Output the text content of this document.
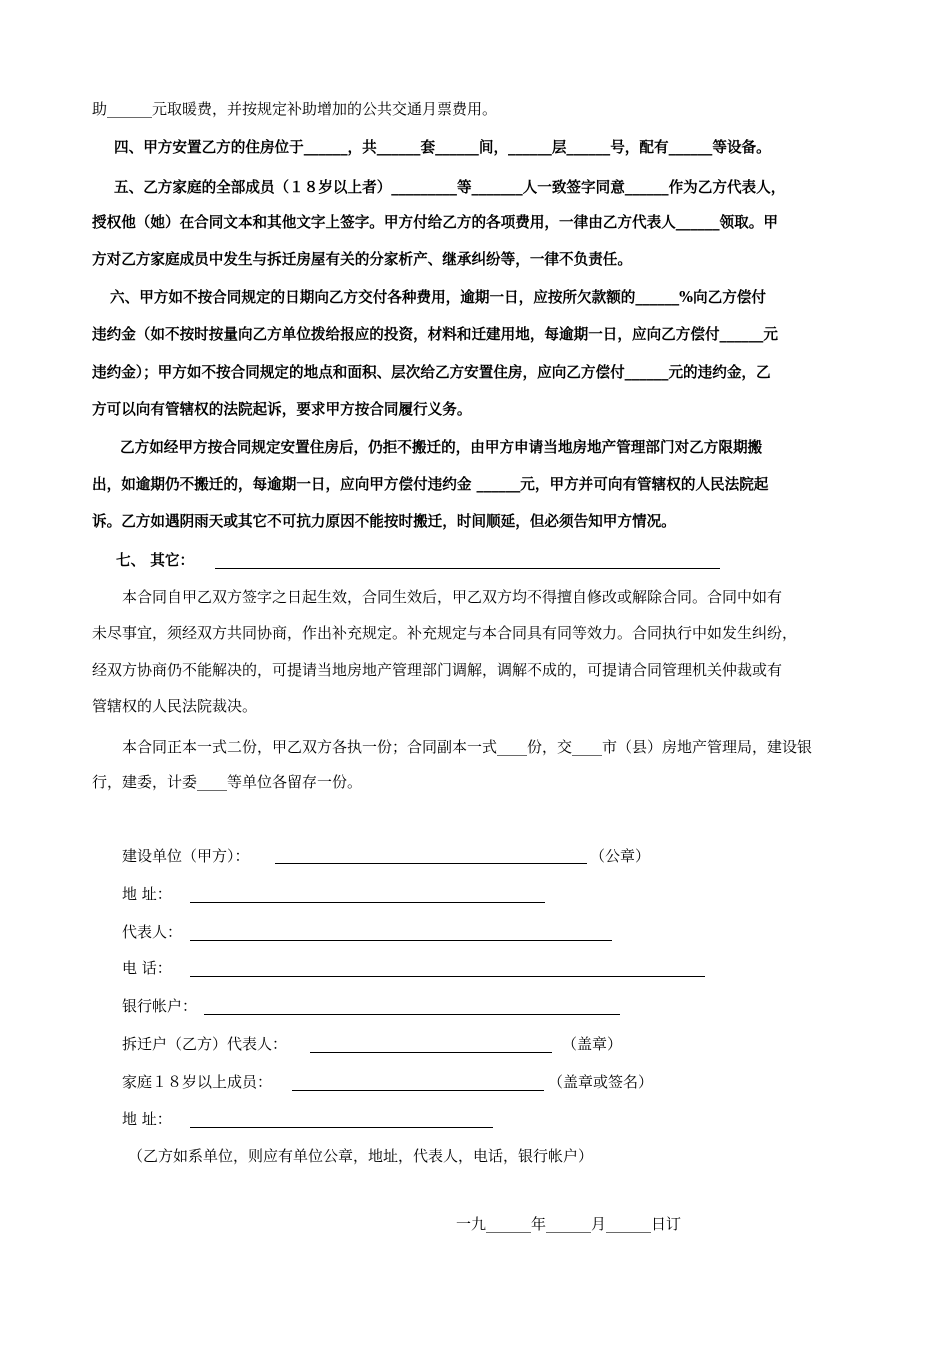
助______元取暖费，并按规定补助增加的公共交通月票费用。
四、甲方安置乙方的住房位于______，共______套______间，______层______号，配有______等设备。
五、乙方家庭的全部成员（１８岁以上者）_________等_______人一致签字同意______作为乙方代表人，
授权他（她）在合同文本和其他文字上签字。甲方付给乙方的各项费用，一律由乙方代表人______领取。甲
方对乙方家庭成员中发生与拆迁房屋有关的分家析产、继承纠纷等，一律不负责任。
六、甲方如不按合同规定的日期向乙方交付各种费用，逾期一日，应按所欠款额的______%向乙方偿付
违约金（如不按时按量向乙方单位拨给报应的投资，材料和迁建用地，每逾期一日，应向乙方偿付______元
违约金）；甲方如不按合同规定的地点和面积、层次给乙方安置住房，应向乙方偿付______元的违约金，乙
方可以向有管辖权的法院起诉，要求甲方按合同履行义务。
乙方如经甲方按合同规定安置住房后，仍拒不搬迁的，由甲方申请当地房地产管理部门对乙方限期搬
出，如逾期仍不搬迁的，每逾期一日，应向甲方偿付违约金 ______元，甲方并可向有管辖权的人民法院起
诉。乙方如遇阴雨天或其它不可抗力原因不能按时搬迁，时间顺延，但必须告知甲方情况。
七、 其它：
本合同自甲乙双方签字之日起生效，合同生效后，甲乙双方均不得擅自修改或解除合同。合同中如有
未尽事宜，须经双方共同协商，作出补充规定。补充规定与本合同具有同等效力。合同执行中如发生纠纷，
经双方协商仍不能解决的，可提请当地房地产管理部门调解，调解不成的，可提请合同管理机关仲裁或有
管辖权的人民法院裁决。
本合同正本一式二份，甲乙双方各执一份；合同副本一式____份，交____市（县）房地产管理局，建设银
行，建委，计委____等单位各留存一份。
建设单位（甲方）：	（公章）
地 址：
代表人：
电 话：
银行帐户：
拆迁户（乙方）代表人：	（盖章）
家庭１８岁以上成员：	（盖章或签名）
地 址：
（乙方如系单位，则应有单位公章，地址，代表人，电话，银行帐户）
一九______年______月______日订
